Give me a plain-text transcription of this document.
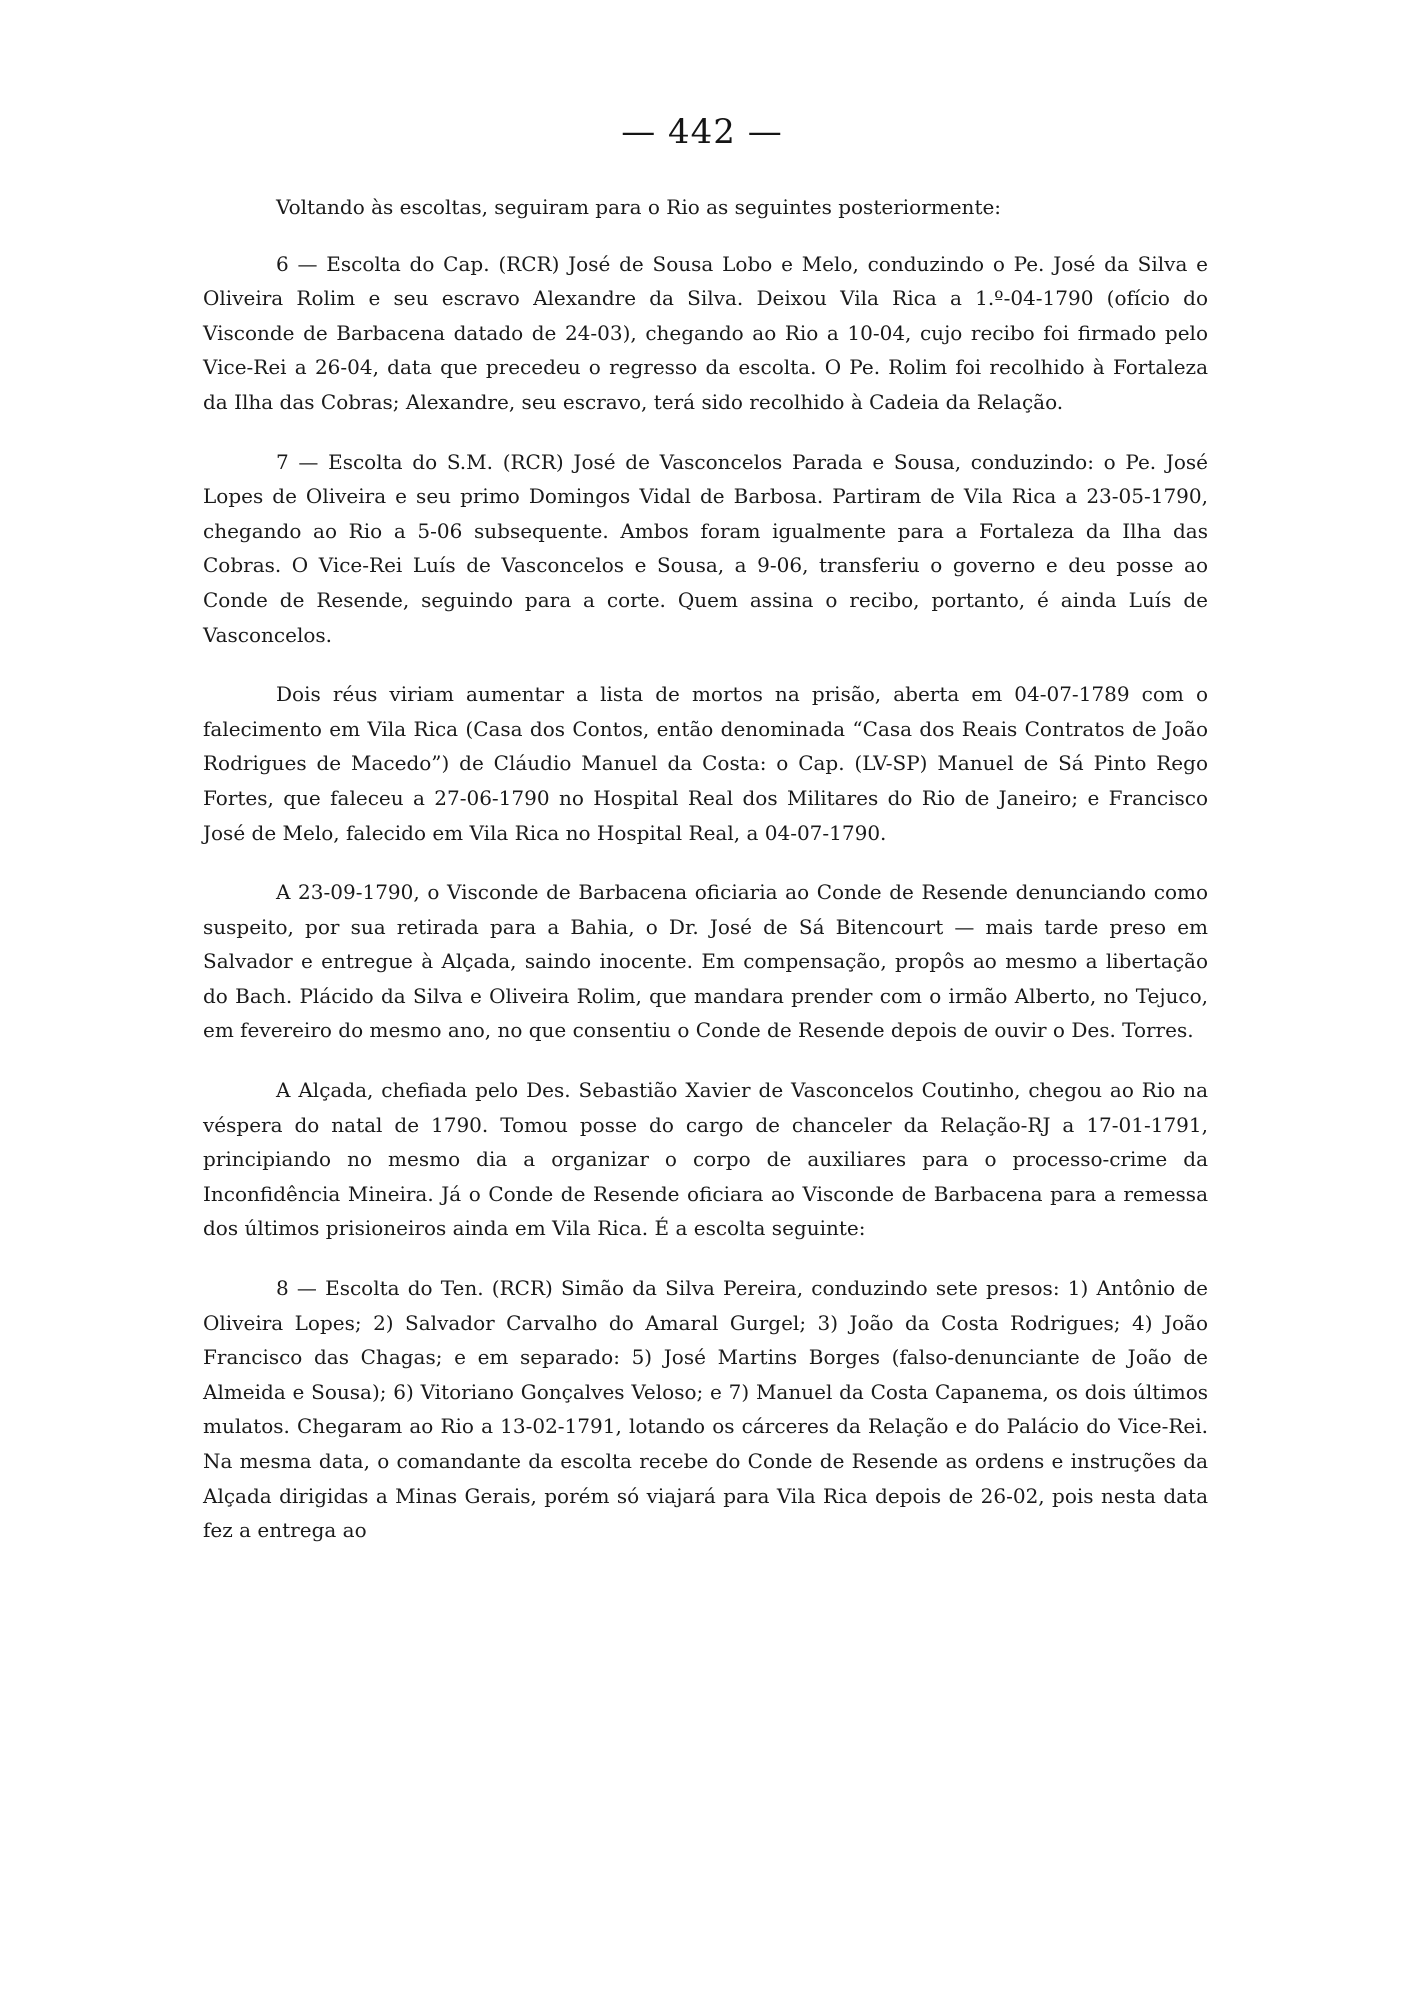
— 442 —

Voltando às escoltas, seguiram para o Rio as seguintes posteriormente:

6 — Escolta do Cap. (RCR) José de Sousa Lobo e Melo, conduzindo o Pe. José da Silva e Oliveira Rolim e seu escravo Alexandre da Silva. Deixou Vila Rica a 1.º-04-1790 (ofício do Visconde de Barbacena datado de 24-03), chegando ao Rio a 10-04, cujo recibo foi firmado pelo Vice-Rei a 26-04, data que precedeu o regresso da escolta. O Pe. Rolim foi recolhido à Fortaleza da Ilha das Cobras; Alexandre, seu escravo, terá sido recolhido à Cadeia da Relação.

7 — Escolta do S.M. (RCR) José de Vasconcelos Parada e Sousa, conduzindo: o Pe. José Lopes de Oliveira e seu primo Domingos Vidal de Barbosa. Partiram de Vila Rica a 23-05-1790, chegando ao Rio a 5-06 subsequente. Ambos foram igualmente para a Fortaleza da Ilha das Cobras. O Vice-Rei Luís de Vasconcelos e Sousa, a 9-06, transferiu o governo e deu posse ao Conde de Resende, seguindo para a corte. Quem assina o recibo, portanto, é ainda Luís de Vasconcelos.

Dois réus viriam aumentar a lista de mortos na prisão, aberta em 04-07-1789 com o falecimento em Vila Rica (Casa dos Contos, então denominada “Casa dos Reais Contratos de João Rodrigues de Macedo”) de Cláudio Manuel da Costa: o Cap. (LV-SP) Manuel de Sá Pinto Rego Fortes, que faleceu a 27-06-1790 no Hospital Real dos Militares do Rio de Janeiro; e Francisco José de Melo, falecido em Vila Rica no Hospital Real, a 04-07-1790.

A 23-09-1790, o Visconde de Barbacena oficiaria ao Conde de Resende denunciando como suspeito, por sua retirada para a Bahia, o Dr. José de Sá Bitencourt — mais tarde preso em Salvador e entregue à Alçada, saindo inocente. Em compensação, propôs ao mesmo a libertação do Bach. Plácido da Silva e Oliveira Rolim, que mandara prender com o irmão Alberto, no Tejuco, em fevereiro do mesmo ano, no que consentiu o Conde de Resende depois de ouvir o Des. Torres.

A Alçada, chefiada pelo Des. Sebastião Xavier de Vasconcelos Coutinho, chegou ao Rio na véspera do natal de 1790. Tomou posse do cargo de chanceler da Relação-RJ a 17-01-1791, principiando no mesmo dia a organizar o corpo de auxiliares para o processo-crime da Inconfidência Mineira. Já o Conde de Resende oficiara ao Visconde de Barbacena para a remessa dos últimos prisioneiros ainda em Vila Rica. É a escolta seguinte:

8 — Escolta do Ten. (RCR) Simão da Silva Pereira, conduzindo sete presos: 1) Antônio de Oliveira Lopes; 2) Salvador Carvalho do Amaral Gurgel; 3) João da Costa Rodrigues; 4) João Francisco das Chagas; e em separado: 5) José Martins Borges (falso-denunciante de João de Almeida e Sousa); 6) Vitoriano Gonçalves Veloso; e 7) Manuel da Costa Capanema, os dois últimos mulatos. Chegaram ao Rio a 13-02-1791, lotando os cárceres da Relação e do Palácio do Vice-Rei. Na mesma data, o comandante da escolta recebe do Conde de Resende as ordens e instruções da Alçada dirigidas a Minas Gerais, porém só viajará para Vila Rica depois de 26-02, pois nesta data fez a entrega ao
